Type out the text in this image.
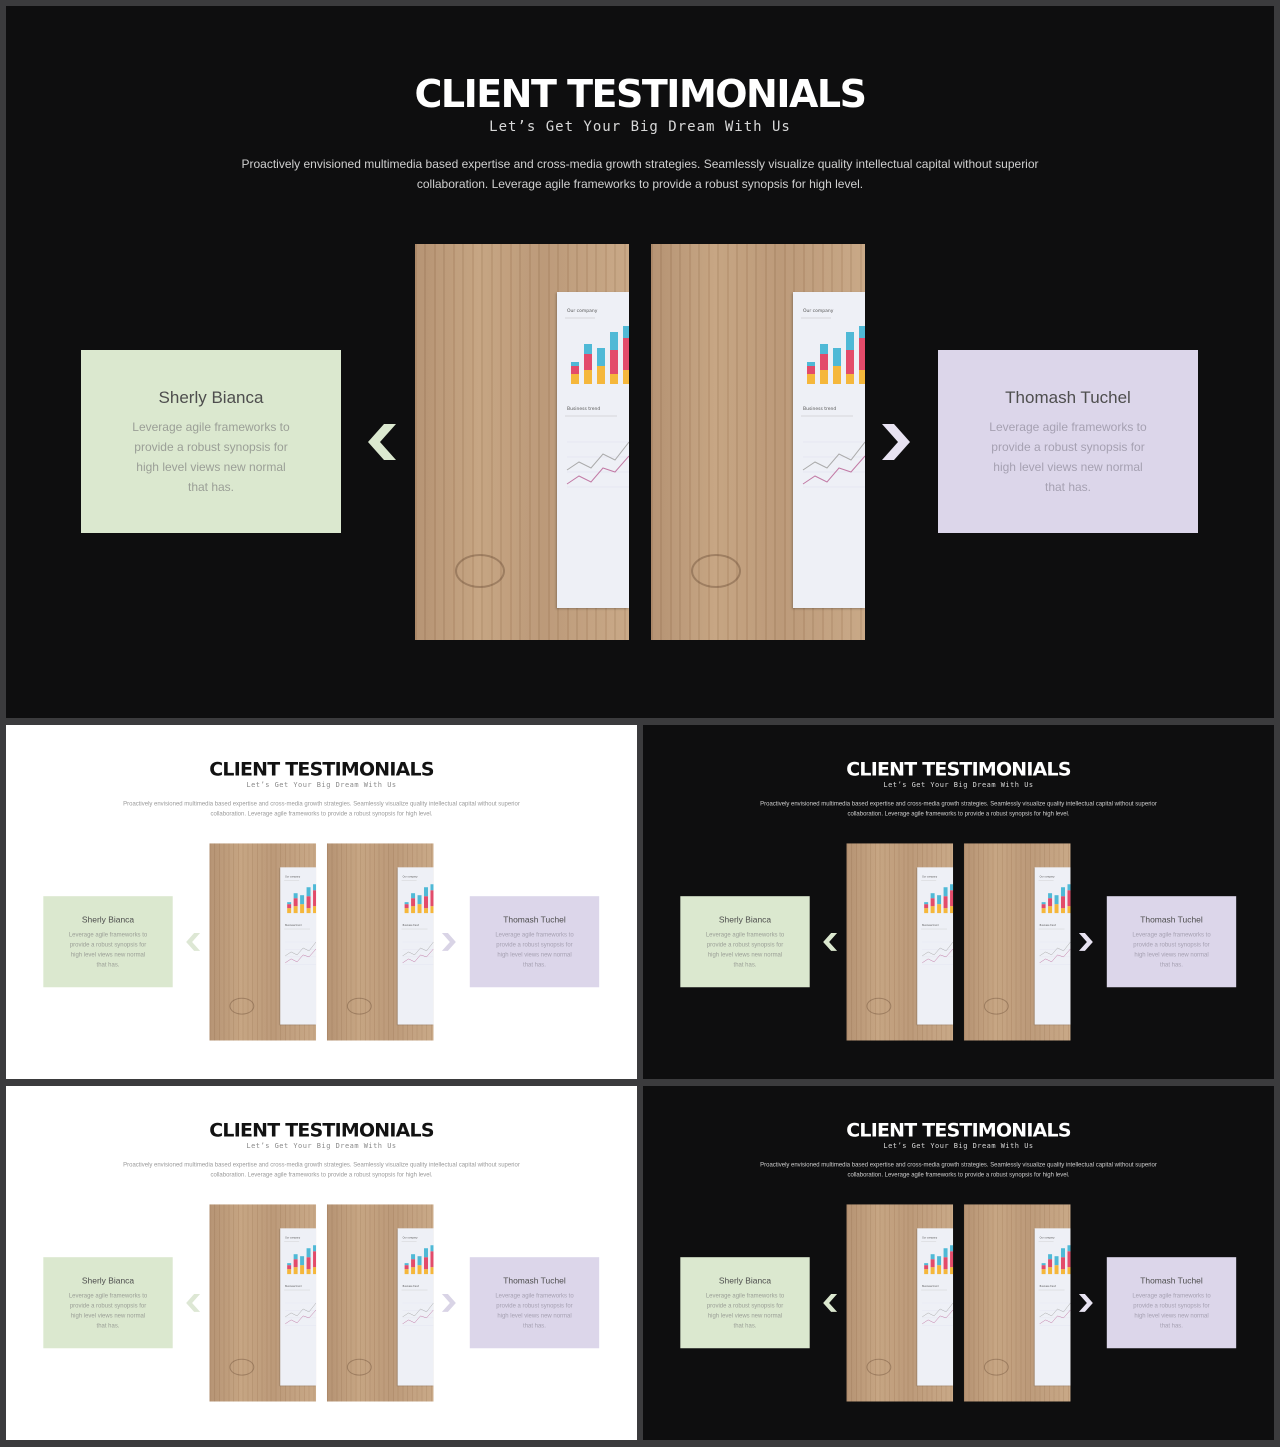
CLIENT TESTIMONIALS
Let’s Get Your Big Dream With Us
Proactively envisioned multimedia based expertise and cross-media growth strategies. Seamlessly visualize quality intellectual capital without superior collaboration. Leverage agile frameworks to provide a robust synopsis for high level.
Sherly Bianca
Leverage agile frameworks to provide a robust synopsis for high level views new normal that has.
Our company
Business trend
Our company
Business trend
Thomash Tuchel
Leverage agile frameworks to provide a robust synopsis for high level views new normal that has.
CLIENT TESTIMONIALS
Let’s Get Your Big Dream With Us
Proactively envisioned multimedia based expertise and cross-media growth strategies. Seamlessly visualize quality intellectual capital without superior collaboration. Leverage agile frameworks to provide a robust synopsis for high level.
Sherly Bianca
Leverage agile frameworks to provide a robust synopsis for high level views new normal that has.
Our company
Business trend
Our company
Business trend
Thomash Tuchel
Leverage agile frameworks to provide a robust synopsis for high level views new normal that has.
CLIENT TESTIMONIALS
Let’s Get Your Big Dream With Us
Proactively envisioned multimedia based expertise and cross-media growth strategies. Seamlessly visualize quality intellectual capital without superior collaboration. Leverage agile frameworks to provide a robust synopsis for high level.
Sherly Bianca
Leverage agile frameworks to provide a robust synopsis for high level views new normal that has.
Our company
Business trend
Our company
Business trend
Thomash Tuchel
Leverage agile frameworks to provide a robust synopsis for high level views new normal that has.
CLIENT TESTIMONIALS
Let’s Get Your Big Dream With Us
Proactively envisioned multimedia based expertise and cross-media growth strategies. Seamlessly visualize quality intellectual capital without superior collaboration. Leverage agile frameworks to provide a robust synopsis for high level.
Sherly Bianca
Leverage agile frameworks to provide a robust synopsis for high level views new normal that has.
Our company
Business trend
Our company
Business trend
Thomash Tuchel
Leverage agile frameworks to provide a robust synopsis for high level views new normal that has.
CLIENT TESTIMONIALS
Let’s Get Your Big Dream With Us
Proactively envisioned multimedia based expertise and cross-media growth strategies. Seamlessly visualize quality intellectual capital without superior collaboration. Leverage agile frameworks to provide a robust synopsis for high level.
Sherly Bianca
Leverage agile frameworks to provide a robust synopsis for high level views new normal that has.
Our company
Business trend
Our company
Business trend
Thomash Tuchel
Leverage agile frameworks to provide a robust synopsis for high level views new normal that has.
